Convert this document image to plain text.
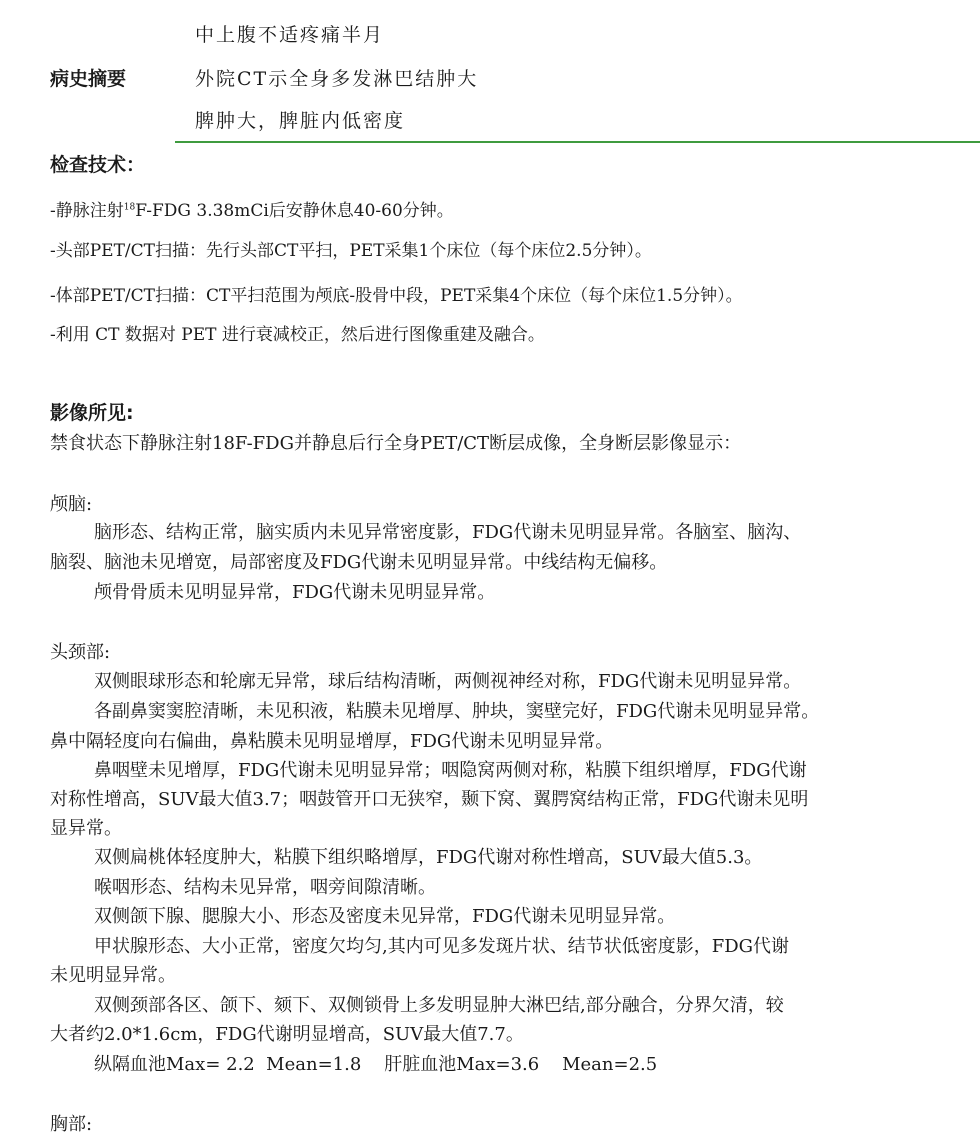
中上腹不适疼痛半月
病史摘要	外院CT示全身多发淋巴结肿大
脾肿大，脾脏内低密度
检查技术：
-静脉注射$^{18}$F-FDG 3.38mCi后安静休息40-60分钟。
-头部PET/CT扫描：先行头部CT平扫，PET采集1个床位（每个床位2.5分钟）。
-体部PET/CT扫描：CT平扫范围为颅底-股骨中段，PET采集4个床位（每个床位1.5分钟）。
-利用 CT 数据对 PET 进行衰减校正，然后进行图像重建及融合。
影像所见:
禁食状态下静脉注射18F-FDG并静息后行全身PET/CT断层成像，全身断层影像显示：
颅脑:
脑形态、结构正常，脑实质内未见异常密度影，FDG代谢未见明显异常。各脑室、脑沟、
脑裂、脑池未见增宽，局部密度及FDG代谢未见明显异常。中线结构无偏移。
颅骨骨质未见明显异常，FDG代谢未见明显异常。
头颈部:
双侧眼球形态和轮廓无异常，球后结构清晰，两侧视神经对称，FDG代谢未见明显异常。
各副鼻窦窦腔清晰，未见积液，粘膜未见增厚、肿块，窦壁完好，FDG代谢未见明显异常。
鼻中隔轻度向右偏曲，鼻粘膜未见明显增厚，FDG代谢未见明显异常。
鼻咽壁未见增厚，FDG代谢未见明显异常；咽隐窝两侧对称，粘膜下组织增厚，FDG代谢
对称性增高，SUV最大值3.7；咽鼓管开口无狭窄，颞下窝、翼腭窝结构正常，FDG代谢未见明
显异常。
双侧扁桃体轻度肿大，粘膜下组织略增厚，FDG代谢对称性增高，SUV最大值5.3。
喉咽形态、结构未见异常，咽旁间隙清晰。
双侧颌下腺、腮腺大小、形态及密度未见异常，FDG代谢未见明显异常。
甲状腺形态、大小正常，密度欠均匀,其内可见多发斑片状、结节状低密度影，FDG代谢
未见明显异常。
双侧颈部各区、颌下、颏下、双侧锁骨上多发明显肿大淋巴结,部分融合，分界欠清，较
大者约2.0*1.6cm，FDG代谢明显增高，SUV最大值7.7。
纵隔血池Max= 2.2  Mean=1.8    肝脏血池Max=3.6    Mean=2.5
胸部:
